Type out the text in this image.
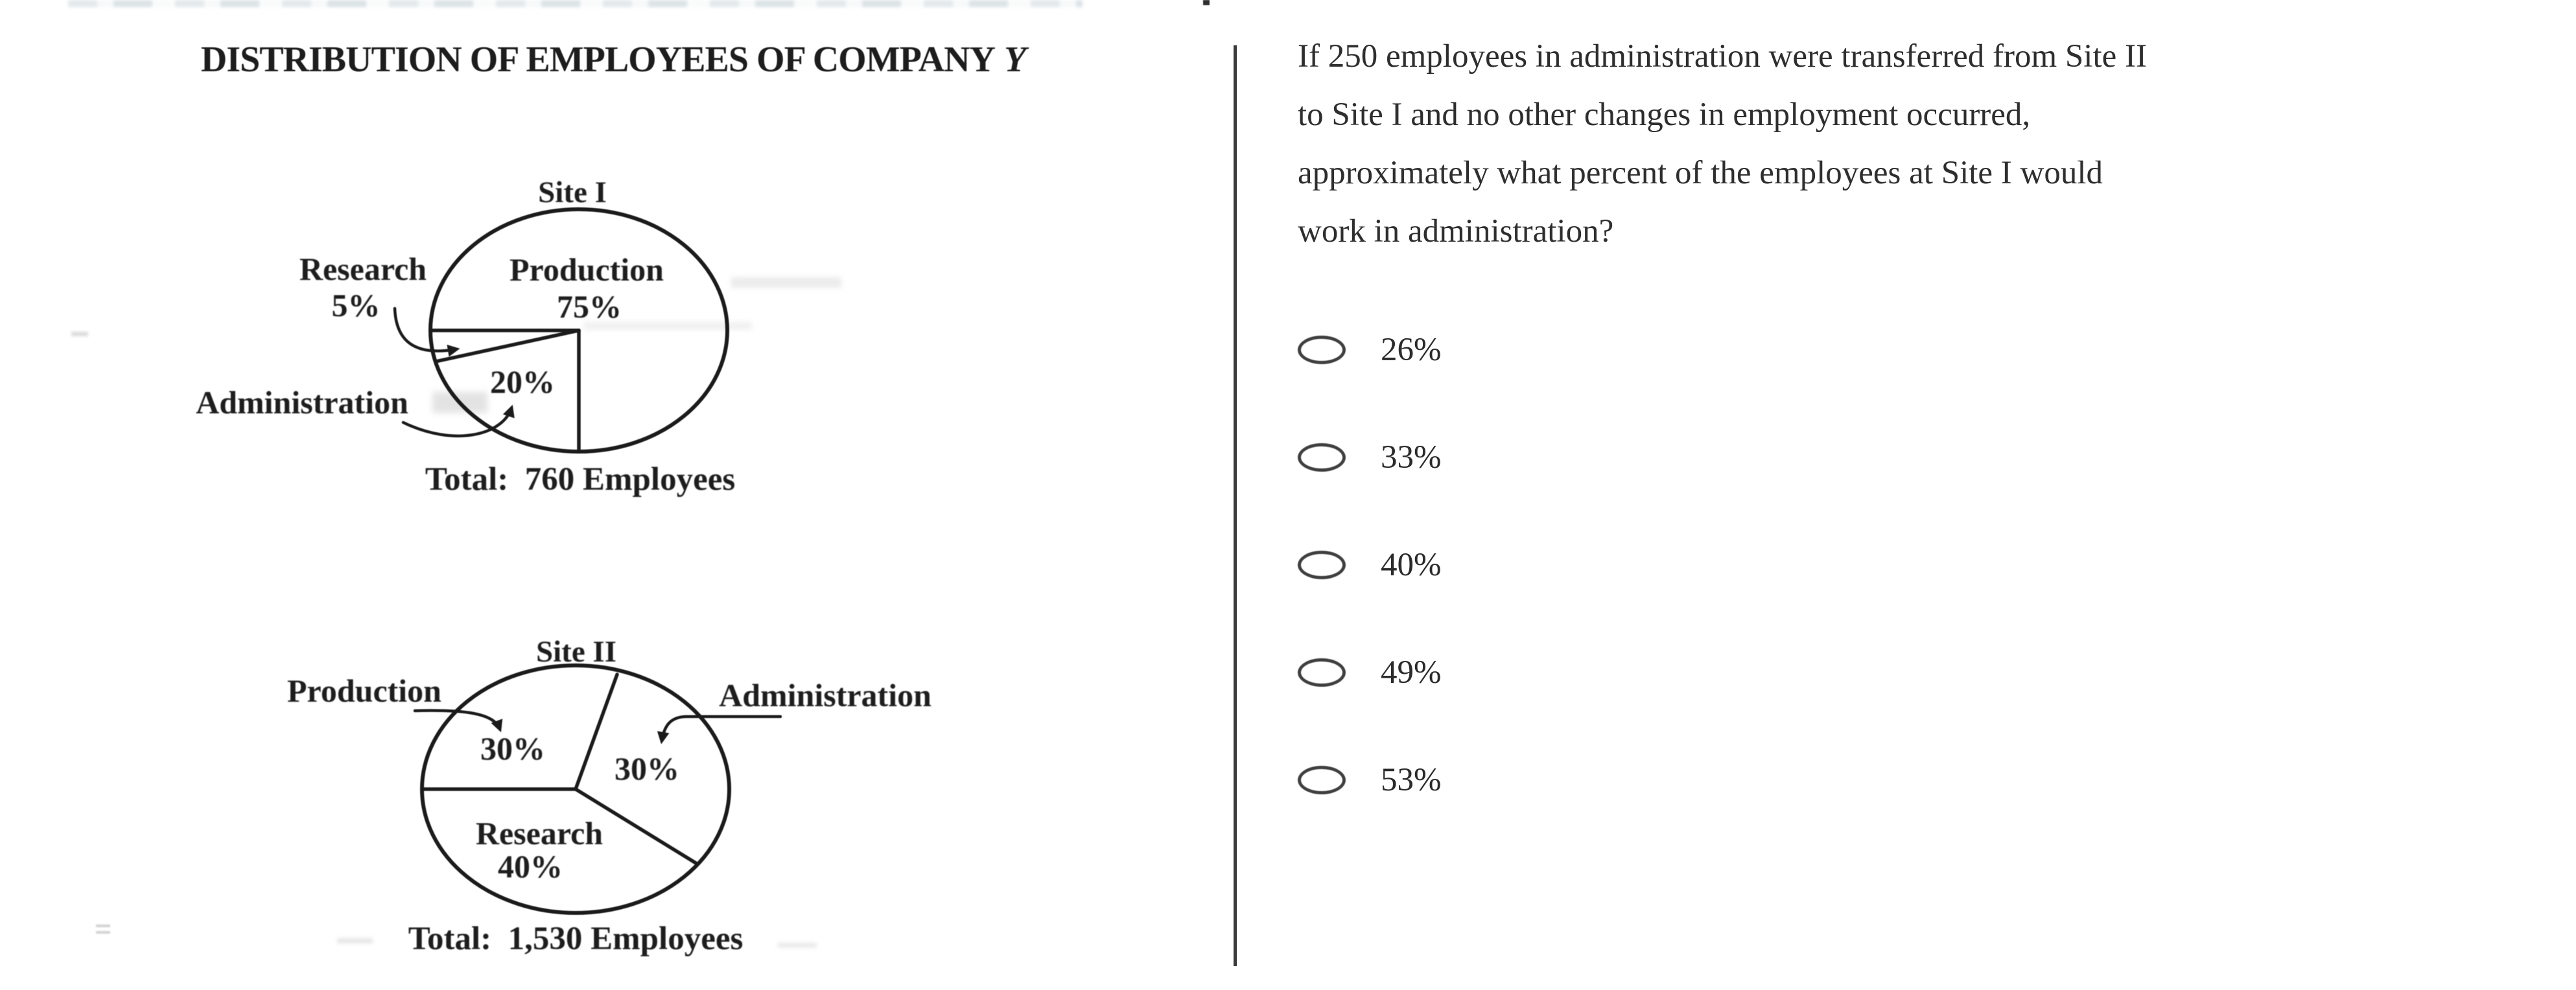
DISTRIBUTION OF EMPLOYEES OF COMPANY Y
Site I
Research
5%
Production
75%
20%
Administration
Total:  760 Employees
Site II
Production	Administration
30%
30%
Research
40%
Total:  1,530 Employees
If 250 employees in administration were transferred from Site II
to Site I and no other changes in employment occurred,
approximately what percent of the employees at Site I would
work in administration?
26%
33%
40%
49%
53%
